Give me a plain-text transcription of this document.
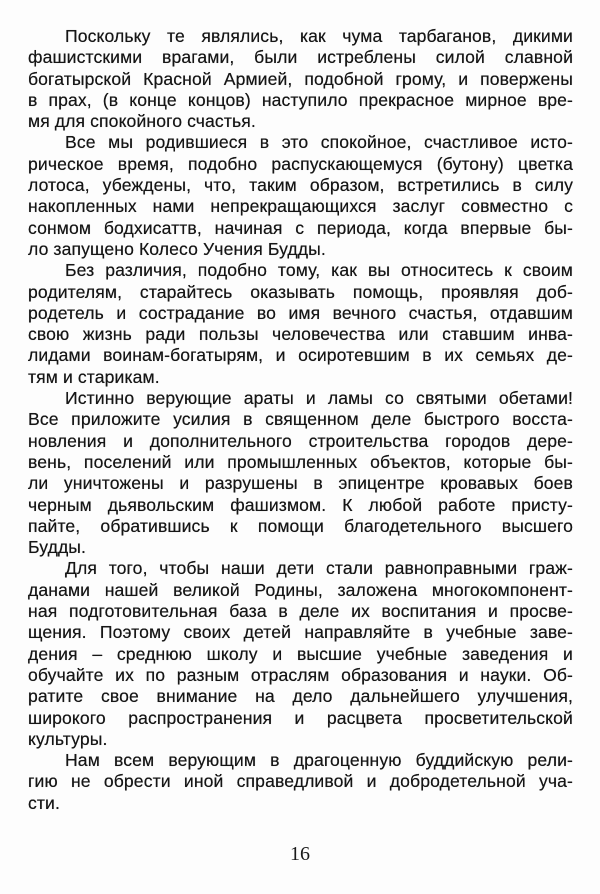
Поскольку те являлись, как чума тарбаганов, дикими
фашистскими врагами, были истреблены силой славной
богатырской Красной Армией, подобной грому, и повержены
в прах, (в конце концов) наступило прекрасное мирное вре-
мя для спокойного счастья.

Все мы родившиеся в это спокойное, счастливое исто-
рическое время, подобно распускающемуся (бутону) цветка
лотоса, убеждены, что, таким образом, встретились в силу
накопленных нами непрекращающихся заслуг совместно с
сонмом бодхисаттв, начиная с периода, когда впервые бы-
ло запущено Колесо Учения Будды.

Без различия, подобно тому, как вы относитесь к своим
родителям, старайтесь оказывать помощь, проявляя доб-
родетель и сострадание во имя вечного счастья, отдавшим
свою жизнь ради пользы человечества или ставшим инва-
лидами воинам-богатырям, и осиротевшим в их семьях де-
тям и старикам.

Истинно верующие араты и ламы со святыми обетами!
Все приложите усилия в священном деле быстрого восста-
новления и дополнительного строительства городов дере-
вень, поселений или промышленных объектов, которые бы-
ли уничтожены и разрушены в эпицентре кровавых боев
черным дьявольским фашизмом. К любой работе присту-
пайте, обратившись к помощи благодетельного высшего
Будды.

Для того, чтобы наши дети стали равноправными граж-
данами нашей великой Родины, заложена многокомпонент-
ная подготовительная база в деле их воспитания и просве-
щения. Поэтому своих детей направляйте в учебные заве-
дения – среднюю школу и высшие учебные заведения и
обучайте их по разным отраслям образования и науки. Об-
ратите свое внимание на дело дальнейшего улучшения,
широкого распространения и расцвета просветительской
культуры.

Нам всем верующим в драгоценную буддийскую рели-
гию не обрести иной справедливой и добродетельной уча-
сти.

16
